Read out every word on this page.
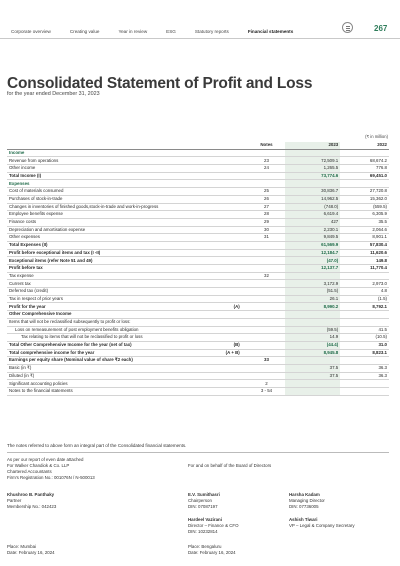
Corporate overview	Creating value	Year in review	ESG	Statutory reports	Financial statements	267
Consolidated Statement of Profit and Loss
for the year ended December 31, 2023
(₹ in million)
	Notes	2023	2022
Income			
Revenue from operations	23	72,509.1	68,674.2
Other income	24	1,265.5	776.8
Total Income (I)		73,774.6	69,451.0
Expenses			
Cost of materials consumed	25	30,836.7	27,720.8
Purchases of stock-in-trade	26	14,962.5	15,362.0
Changes in inventories of finished goods,stock-in-trade and work-in-progress	27	(748.0)	(559.5)
Employee benefits expense	28	6,619.4	6,305.9
Finance costs	29	427	35.5
Depreciation and amortisation expense	30	2,230.1	2,064.6
Other expenses	31	9,849.5	8,901.1
Total Expenses (II)		61,569.9	57,830.4
Profit before exceptional items and tax (I -II)		12,184.7	11,620.6
Exceptional items (refer Note 51 and 49)		(47.0)	149.8
Profit before tax		12,137.7	11,770.4
Tax expense	32		
Current tax		3,172.9	2,973.0
Deferred tax (credit)		(51.5)	4.8
Tax in respect of prior years		26.1	(1.5)
Profit for the year (A)		8,990.2	8,792.1
Other Comprehensive Income			
Items that will not be reclassified subsequently to profit or loss:			
Loss on remeasurement of post employment benefits obligation		(59.5)	41.5
Tax relating to items that will not be reclassified to profit or loss		14.9	(10.5)
Total Other Comprehensive Income for the year (net of tax) (B)		(44.4)	31.0
Total comprehensive income for the year (A + B)		8,945.8	8,823.1
Earnings per equity share (Nominal value of share ₹2 each)	33		
Basic (in ₹)		37.5	36.3
Diluted (in ₹)		37.5	36.3
Significant accounting policies	2		
Notes to the financial statements	3 - 54		
The notes referred to above form an integral part of the Consolidated financial statements.
As per our report of even date attached
For Walker Chandiok & Co. LLP
Chartered Accountants
Firm's Registration No.: 001076N / N-500013
For and on behalf of the Board of Directors
Khushroo B. Panthaky
Partner
Membership No.: 042423
E.V. Sumithasri
Chairperson
DIN: 07087197
Harsha Kadam
Managing Director
DIN: 07736005
Hardeel Vazirani
Director – Finance & CFO
DIN: 10232814
Ashish Tiwari
VP – Legal & Company Secretary
Place: Mumbai
Date: February 16, 2024
Place: Bengaluru
Date: February 16, 2024
